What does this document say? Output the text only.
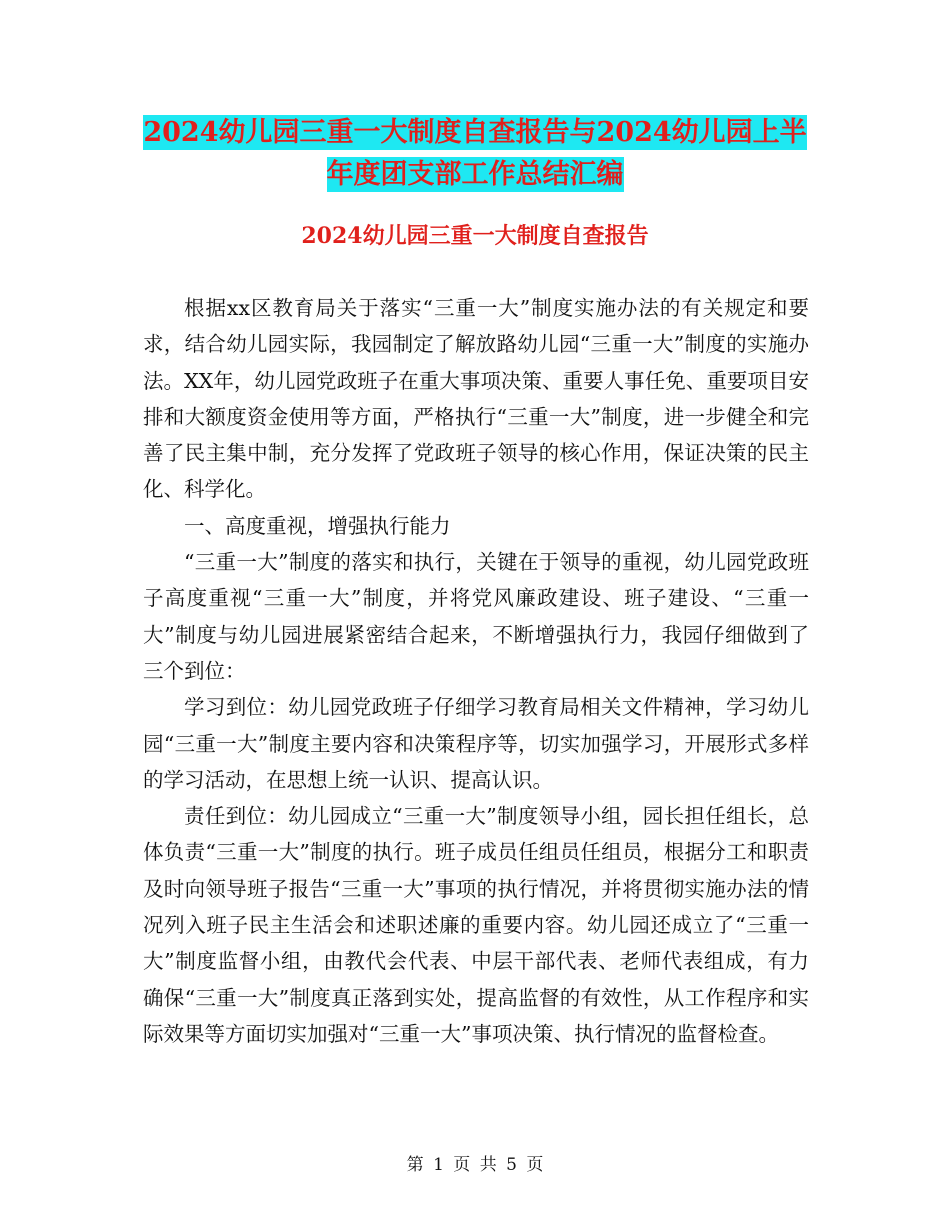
2024幼儿园三重一大制度自查报告与2024幼儿园上半
年度团支部工作总结汇编
2024幼儿园三重一大制度自查报告

根据xx区教育局关于落实“三重一大”制度实施办法的有关规定和要求，结合幼儿园实际，我园制定了解放路幼儿园“三重一大”制度的实施办法。XX年，幼儿园党政班子在重大事项决策、重要人事任免、重要项目安排和大额度资金使用等方面，严格执行“三重一大”制度，进一步健全和完善了民主集中制，充分发挥了党政班子领导的核心作用，保证决策的民主化、科学化。

一、高度重视，增强执行能力

“三重一大”制度的落实和执行，关键在于领导的重视，幼儿园党政班子高度重视“三重一大”制度，并将党风廉政建设、班子建设、“三重一大”制度与幼儿园进展紧密结合起来，不断增强执行力，我园仔细做到了三个到位：

学习到位：幼儿园党政班子仔细学习教育局相关文件精神，学习幼儿园“三重一大”制度主要内容和决策程序等，切实加强学习，开展形式多样的学习活动，在思想上统一认识、提高认识。

责任到位：幼儿园成立“三重一大”制度领导小组，园长担任组长，总体负责“三重一大”制度的执行。班子成员任组员任组员，根据分工和职责及时向领导班子报告“三重一大”事项的执行情况，并将贯彻实施办法的情况列入班子民主生活会和述职述廉的重要内容。幼儿园还成立了“三重一大”制度监督小组，由教代会代表、中层干部代表、老师代表组成，有力确保“三重一大”制度真正落到实处，提高监督的有效性，从工作程序和实际效果等方面切实加强对“三重一大”事项决策、执行情况的监督检查。

第 1 页 共 5 页
